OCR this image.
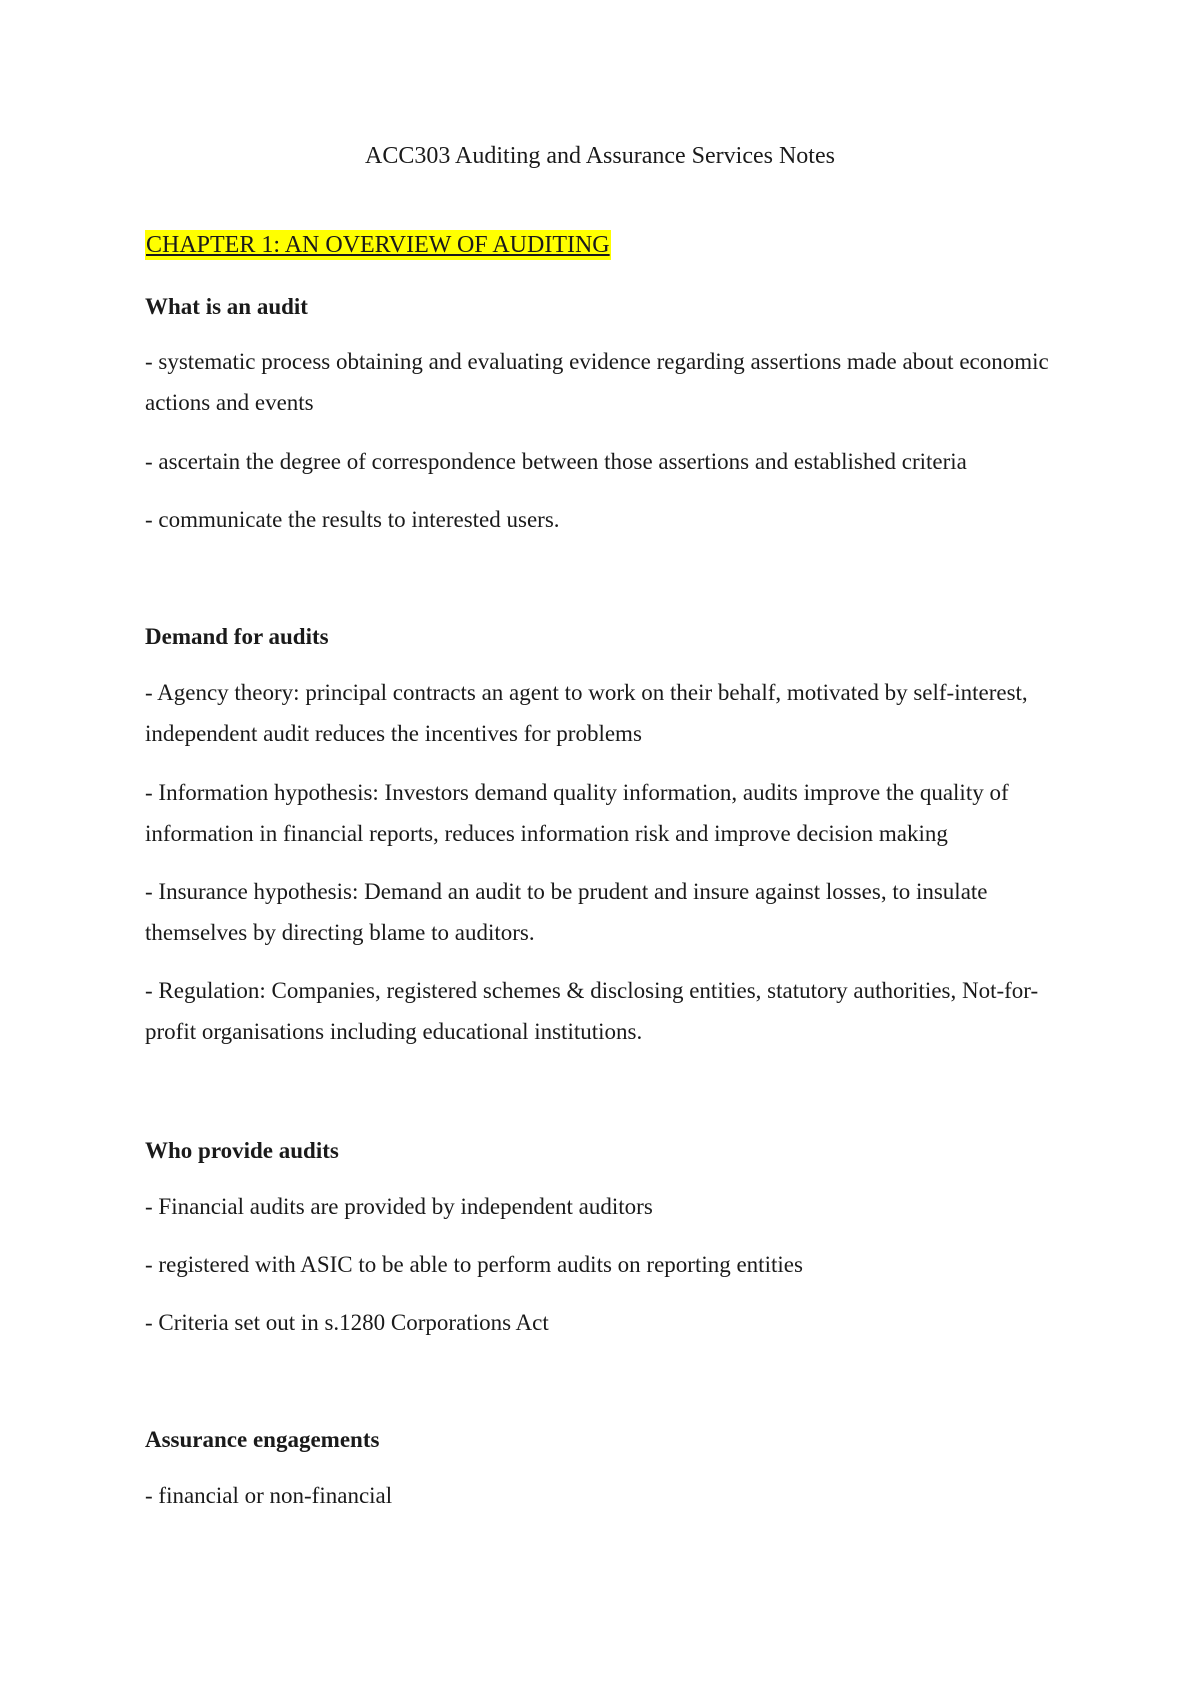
ACC303 Auditing and Assurance Services Notes
CHAPTER 1: AN OVERVIEW OF AUDITING
What is an audit
- systematic process obtaining and evaluating evidence regarding assertions made about economic actions and events
- ascertain the degree of correspondence between those assertions and established criteria
- communicate the results to interested users.
Demand for audits
- Agency theory: principal contracts an agent to work on their behalf, motivated by self-interest, independent audit reduces the incentives for problems
- Information hypothesis: Investors demand quality information, audits improve the quality of information in financial reports, reduces information risk and improve decision making
- Insurance hypothesis: Demand an audit to be prudent and insure against losses, to insulate themselves by directing blame to auditors.
- Regulation: Companies, registered schemes & disclosing entities, statutory authorities, Not-for-profit organisations including educational institutions.
Who provide audits
- Financial audits are provided by independent auditors
- registered with ASIC to be able to perform audits on reporting entities
- Criteria set out in s.1280 Corporations Act
Assurance engagements
- financial or non-financial
